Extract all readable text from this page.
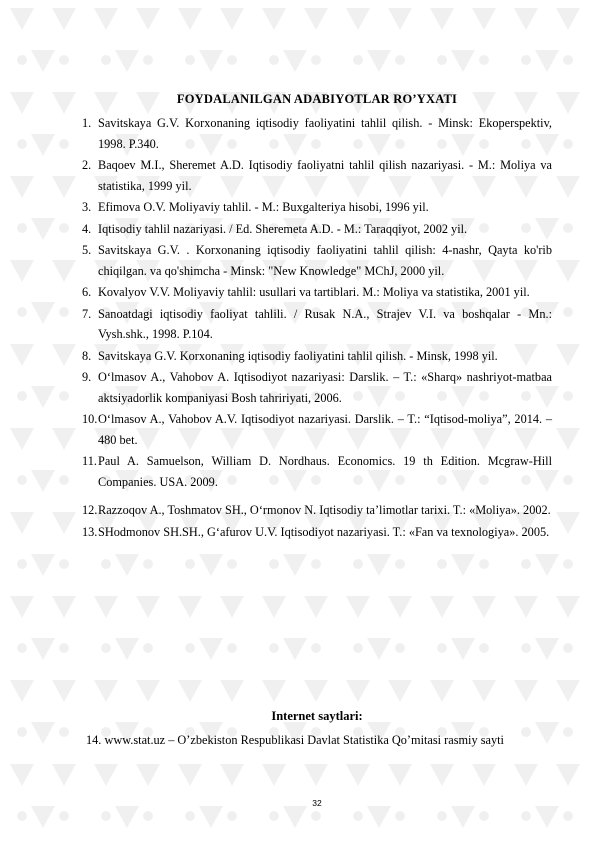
FOYDALANILGAN ADABIYOTLAR RO’YXATI
1. Savitskaya G.V. Korxonaning iqtisodiy faoliyatini tahlil qilish. - Minsk: Ekoperspektiv, 1998. P.340.
2. Baqoev M.I., Sheremet A.D. Iqtisodiy faoliyatni tahlil qilish nazariyasi. - M.: Moliya va statistika, 1999 yil.
3. Efimova O.V. Moliyaviy tahlil. - M.: Buxgalteriya hisobi, 1996 yil.
4. Iqtisodiy tahlil nazariyasi. / Ed. Sheremeta A.D. - M.: Taraqqiyot, 2002 yil.
5. Savitskaya G.V. . Korxonaning iqtisodiy faoliyatini tahlil qilish: 4-nashr, Qayta ko'rib chiqilgan. va qo'shimcha - Minsk: "New Knowledge" MChJ, 2000 yil.
6. Kovalyov V.V. Moliyaviy tahlil: usullari va tartiblari. M.: Moliya va statistika, 2001 yil.
7. Sanoatdagi iqtisodiy faoliyat tahlili. / Rusak N.A., Strajev V.I. va boshqalar - Mn.: Vysh.shk., 1998. P.104.
8. Savitskaya G.V. Korxonaning iqtisodiy faoliyatini tahlil qilish. - Minsk, 1998 yil.
9. O‘lmasov A., Vahobov A. Iqtisodiyot nazariyasi: Darslik. – T.: «Sharq» nashriyot-matbaa aktsiyadorlik kompaniyasi Bosh tahririyati, 2006.
10. O‘lmasov A., Vahobov A.V. Iqtisodiyot nazariyasi. Darslik. – T.: “Iqtisod-moliya”, 2014. – 480 bet.
11. Paul A. Samuelson, William D. Nordhaus. Economics. 19 th Edition. Mcgraw-Hill Companies. USA. 2009.
12. Razzoqov A., Toshmatov SH., O‘rmonov N. Iqtisodiy ta’limotlar tarixi. T.: «Moliya». 2002.
13. SHodmonov SH.SH., G‘afurov U.V. Iqtisodiyot nazariyasi. T.: «Fan va texnologiya». 2005.
Internet saytlari:
14. www.stat.uz – O’zbekiston Respublikasi Davlat Statistika Qo’mitasi rasmiy sayti
32
